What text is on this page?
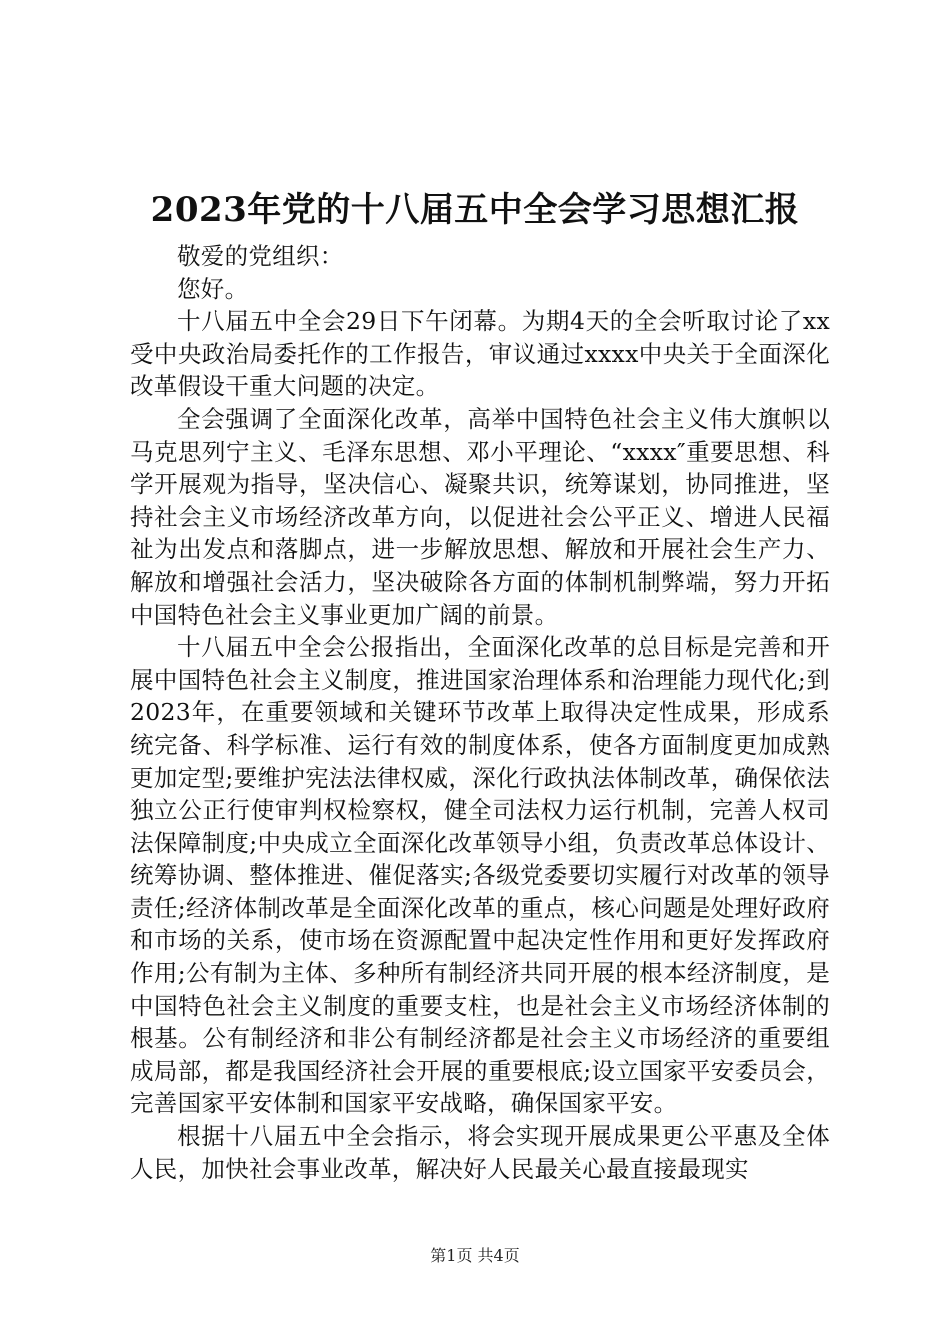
2023年党的十八届五中全会学习思想汇报

敬爱的党组织：

您好。

十八届五中全会29日下午闭幕。为期4天的全会听取讨论了xx受中央政治局委托作的工作报告，审议通过xxxx中央关于全面深化改革假设干重大问题的决定。

全会强调了全面深化改革，高举中国特色社会主义伟大旗帜以马克思列宁主义、毛泽东思想、邓小平理论、“xxxx″重要思想、科学开展观为指导，坚决信心、凝聚共识，统筹谋划，协同推进，坚持社会主义市场经济改革方向，以促进社会公平正义、增进人民福祉为出发点和落脚点，进一步解放思想、解放和开展社会生产力、解放和增强社会活力，坚决破除各方面的体制机制弊端，努力开拓中国特色社会主义事业更加广阔的前景。

十八届五中全会公报指出，全面深化改革的总目标是完善和开展中国特色社会主义制度，推进国家治理体系和治理能力现代化;到2023年，在重要领域和关键环节改革上取得决定性成果，形成系统完备、科学标准、运行有效的制度体系，使各方面制度更加成熟更加定型;要维护宪法法律权威，深化行政执法体制改革，确保依法独立公正行使审判权检察权，健全司法权力运行机制，完善人权司法保障制度;中央成立全面深化改革领导小组，负责改革总体设计、统筹协调、整体推进、催促落实;各级党委要切实履行对改革的领导责任;经济体制改革是全面深化改革的重点，核心问题是处理好政府和市场的关系，使市场在资源配置中起决定性作用和更好发挥政府作用;公有制为主体、多种所有制经济共同开展的根本经济制度，是中国特色社会主义制度的重要支柱，也是社会主义市场经济体制的根基。公有制经济和非公有制经济都是社会主义市场经济的重要组成局部，都是我国经济社会开展的重要根底;设立国家平安委员会，完善国家平安体制和国家平安战略，确保国家平安。

根据十八届五中全会指示，将会实现开展成果更公平惠及全体人民，加快社会事业改革，解决好人民最关心最直接最现实

第1页 共4页
